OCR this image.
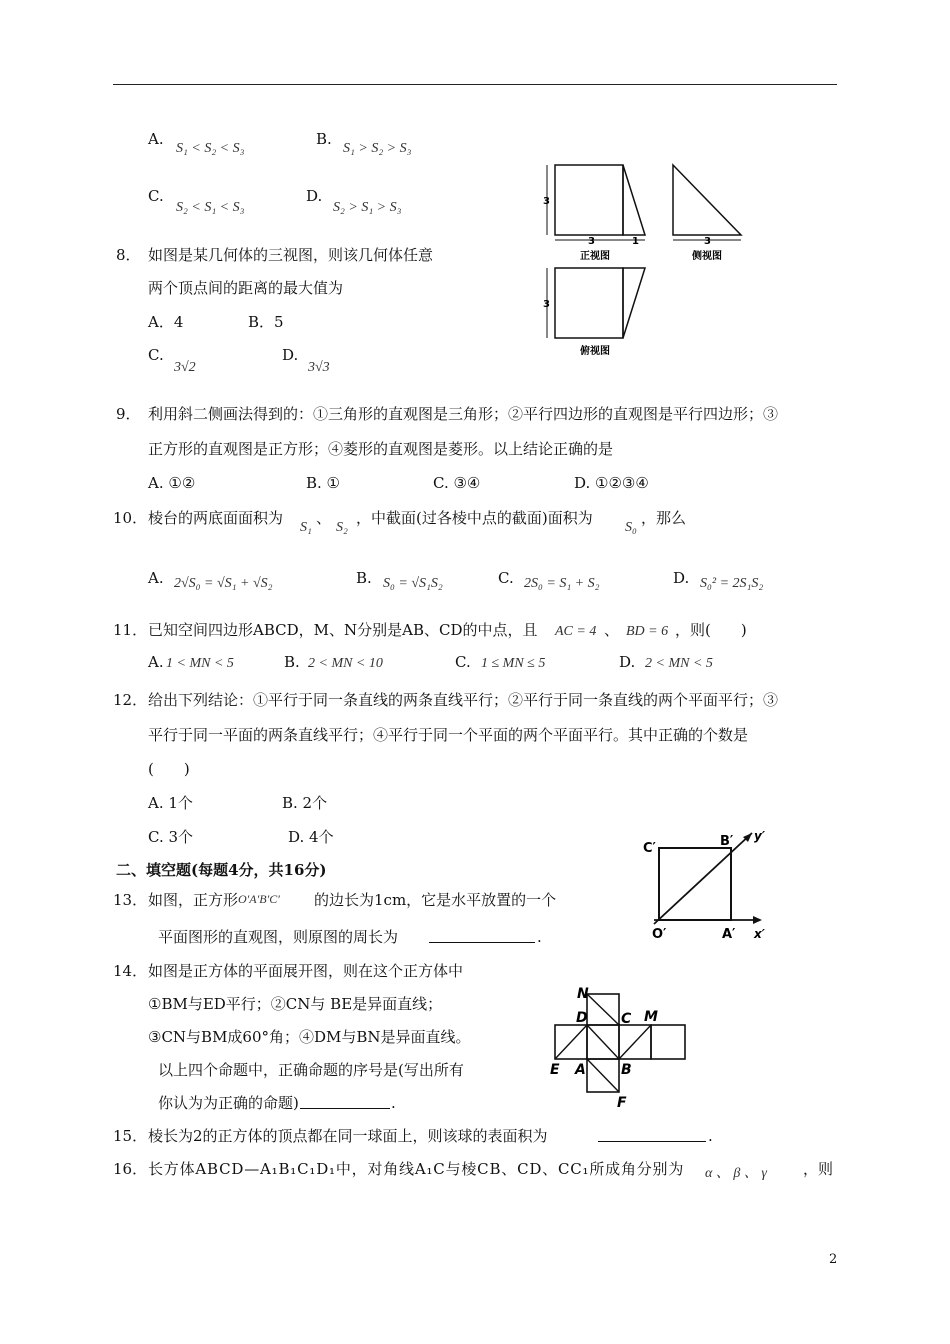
A.
S₁ < S₂ < S₃
B.
S₁ > S₂ > S₃
C.
S₂ < S₁ < S₃
D.
S₂ > S₁ > S₃
8． 如图是某几何体的三视图，则该几何体任意
两个顶点间的距离的最大值为
A．4	B．5
C.
3√2
D.
3√3
3
3	1
正视图
3
侧视图
3
俯视图
9． 利用斜二侧画法得到的：①三角形的直观图是三角形；②平行四边形的直观图是平行四边形；③
正方形的直观图是正方形；④菱形的直观图是菱形。以上结论正确的是
A. ①②	B. ①	C. ③④	D. ①②③④
10． 棱台的两底面面积为
S₁
、
S₂
，中截面(过各棱中点的截面)面积为
S₀
，那么
A. 2√S₀ = √S₁ + √S₂	B. S₀ = √S₁S₂	C. 2S₀ = S₁ + S₂	D. S₀² = 2S₁S₂
11． 已知空间四边形ABCD，M、N分别是AB、CD的中点，且 AC = 4 、 BD = 6 ，则(　　)
A. 1 < MN < 5	B. 2 < MN < 10	C. 1 ≤ MN ≤ 5	D. 2 < MN < 5
12． 给出下列结论：①平行于同一条直线的两条直线平行；②平行于同一条直线的两个平面平行；③
平行于同一平面的两条直线平行；④平行于同一个平面的两个平面平行。其中正确的个数是
(　　)
A. 1个	B. 2个
C. 3个	D. 4个
二、填空题(每题4分，共16分)
13． 如图，正方形 O′A′B′C′ 的边长为1cm，它是水平放置的一个
平面图形的直观图，则原图的周长为	.
C′	B′ y′
O′	A′ x′
14． 如图是正方体的平面展开图，则在这个正方体中
①BM与ED平行；②CN与 BE是异面直线；
③CN与BM成60°角；④DM与BN是异面直线。
以上四个命题中，正确命题的序号是(写出所有
你认为为正确的命题)	.
N
D C M
E A	B
F
15． 棱长为2的正方体的顶点都在同一球面上，则该球的表面积为	.
16． 长方体ABCD—A₁B₁C₁D₁中，对角线A₁C与棱CB、CD、CC₁所成角分别为 α 、 β 、 γ ，则
2
